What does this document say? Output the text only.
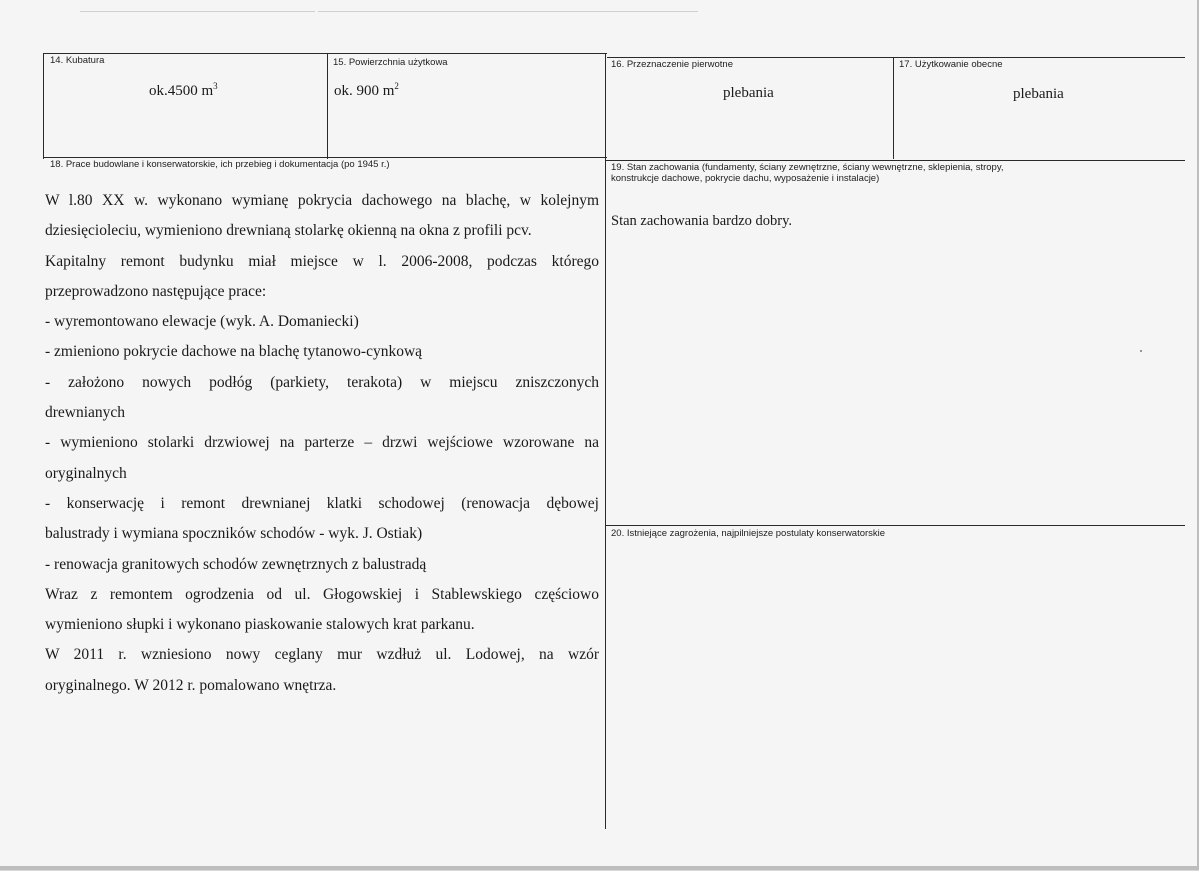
14. Kubatura
ok.4500 $m^3$
15. Powierzchnia użytkowa
ok. 900 $m^2$
16. Przeznaczenie pierwotne
plebania
17. Użytkowanie obecne
plebania
18. Prace budowlane i konserwatorskie, ich przebieg i dokumentacja (po 1945 r.)
W l.80 XX w. wykonano wymianę pokrycia dachowego na blachę, w kolejnym
dziesięcioleciu, wymieniono drewnianą stolarkę okienną na okna z profili pcv.
Kapitalny remont budynku miał miejsce w l. 2006-2008, podczas którego
przeprowadzono następujące prace:
- wyremontowano elewacje (wyk. A. Domaniecki)
- zmieniono pokrycie dachowe na blachę tytanowo-cynkową
- założono nowych podłóg (parkiety, terakota) w miejscu zniszczonych
drewnianych
- wymieniono stolarki drzwiowej na parterze – drzwi wejściowe wzorowane na
oryginalnych
- konserwację i remont drewnianej klatki schodowej (renowacja dębowej
balustrady i wymiana spoczników schodów - wyk. J. Ostiak)
- renowacja granitowych schodów zewnętrznych z balustradą
Wraz z remontem ogrodzenia od ul. Głogowskiej i Stablewskiego częściowo
wymieniono słupki i wykonano piaskowanie stalowych krat parkanu.
W 2011 r. wzniesiono nowy ceglany mur wzdłuż ul. Lodowej, na wzór
oryginalnego. W 2012 r. pomalowano wnętrza.
19. Stan zachowania (fundamenty, ściany zewnętrzne, ściany wewnętrzne, sklepienia, stropy,
konstrukcje dachowe, pokrycie dachu, wyposażenie i instalacje)
Stan zachowania bardzo dobry.
20. Istniejące zagrożenia, najpilniejsze postulaty konserwatorskie
